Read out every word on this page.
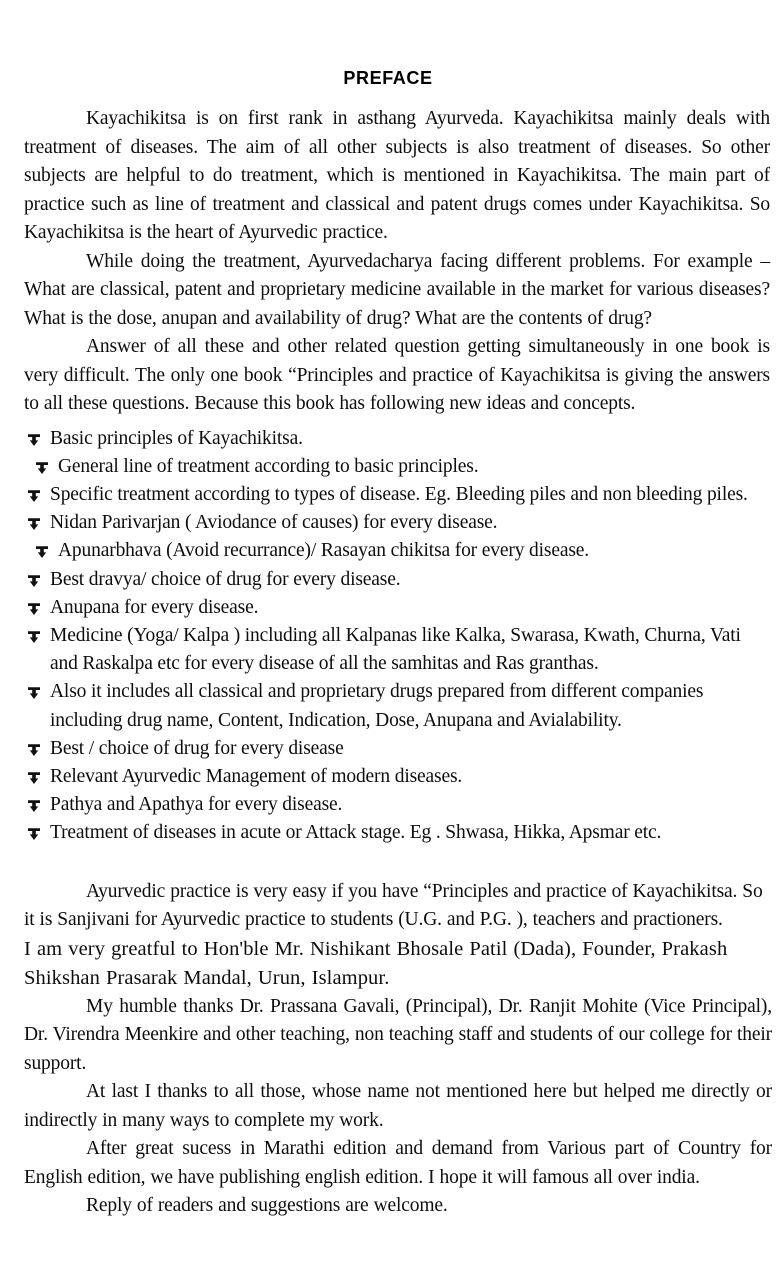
PREFACE

Kayachikitsa is on first rank in asthang Ayurveda. Kayachikitsa mainly deals with treatment of diseases. The aim of all other subjects is also treatment of diseases. So other subjects are helpful to do treatment, which is mentioned in Kayachikitsa. The main part of practice such as line of treatment and classical and patent drugs comes under Kayachikitsa. So Kayachikitsa is the heart of Ayurvedic practice.

While doing the treatment, Ayurvedacharya facing different problems. For example – What are classical, patent and proprietary medicine available in the market for various diseases? What is the dose, anupan and availability of drug? What are the contents of drug?

Answer of all these and other related question getting simultaneously in one book is very difficult. The only one book “Principles and practice of Kayachikitsa is giving the answers to all these questions. Because this book has following new ideas and concepts.

Basic principles of Kayachikitsa.
General line of treatment according to basic principles.
Specific treatment according to types of disease. Eg. Bleeding piles and non bleeding piles.
Nidan Parivarjan ( Aviodance of causes) for every disease.
Apunarbhava (Avoid recurrance)/ Rasayan chikitsa for every disease.
Best dravya/ choice of drug for every disease.
Anupana for every disease.
Medicine (Yoga/ Kalpa ) including all Kalpanas like Kalka, Swarasa, Kwath, Churna, Vati and Raskalpa etc for every disease of all the samhitas and Ras granthas.
Also it includes all classical and proprietary drugs prepared from different companies including drug name, Content, Indication, Dose, Anupana and Avialability.
Best / choice of drug for every disease
Relevant Ayurvedic Management of modern diseases.
Pathya and Apathya for every disease.
Treatment of diseases in acute or Attack stage. Eg . Shwasa, Hikka, Apsmar etc.

Ayurvedic practice is very easy if you have “Principles and practice of Kayachikitsa. So it is Sanjivani for Ayurvedic practice to students (U.G. and P.G. ), teachers and practioners.

I am very greatful to Hon'ble Mr. Nishikant Bhosale Patil (Dada), Founder, Prakash Shikshan Prasarak Mandal, Urun, Islampur.

My humble thanks Dr. Prassana Gavali, (Principal), Dr. Ranjit Mohite (Vice Principal), Dr. Virendra Meenkire and other teaching, non teaching staff and students of our college for their support.

At last I thanks to all those, whose name not mentioned here but helped me directly or indirectly in many ways to complete my work.

After great sucess in Marathi edition and demand from Various part of Country for English edition, we have publishing english edition. I hope it will famous all over india.

Reply of readers and suggestions are welcome.
